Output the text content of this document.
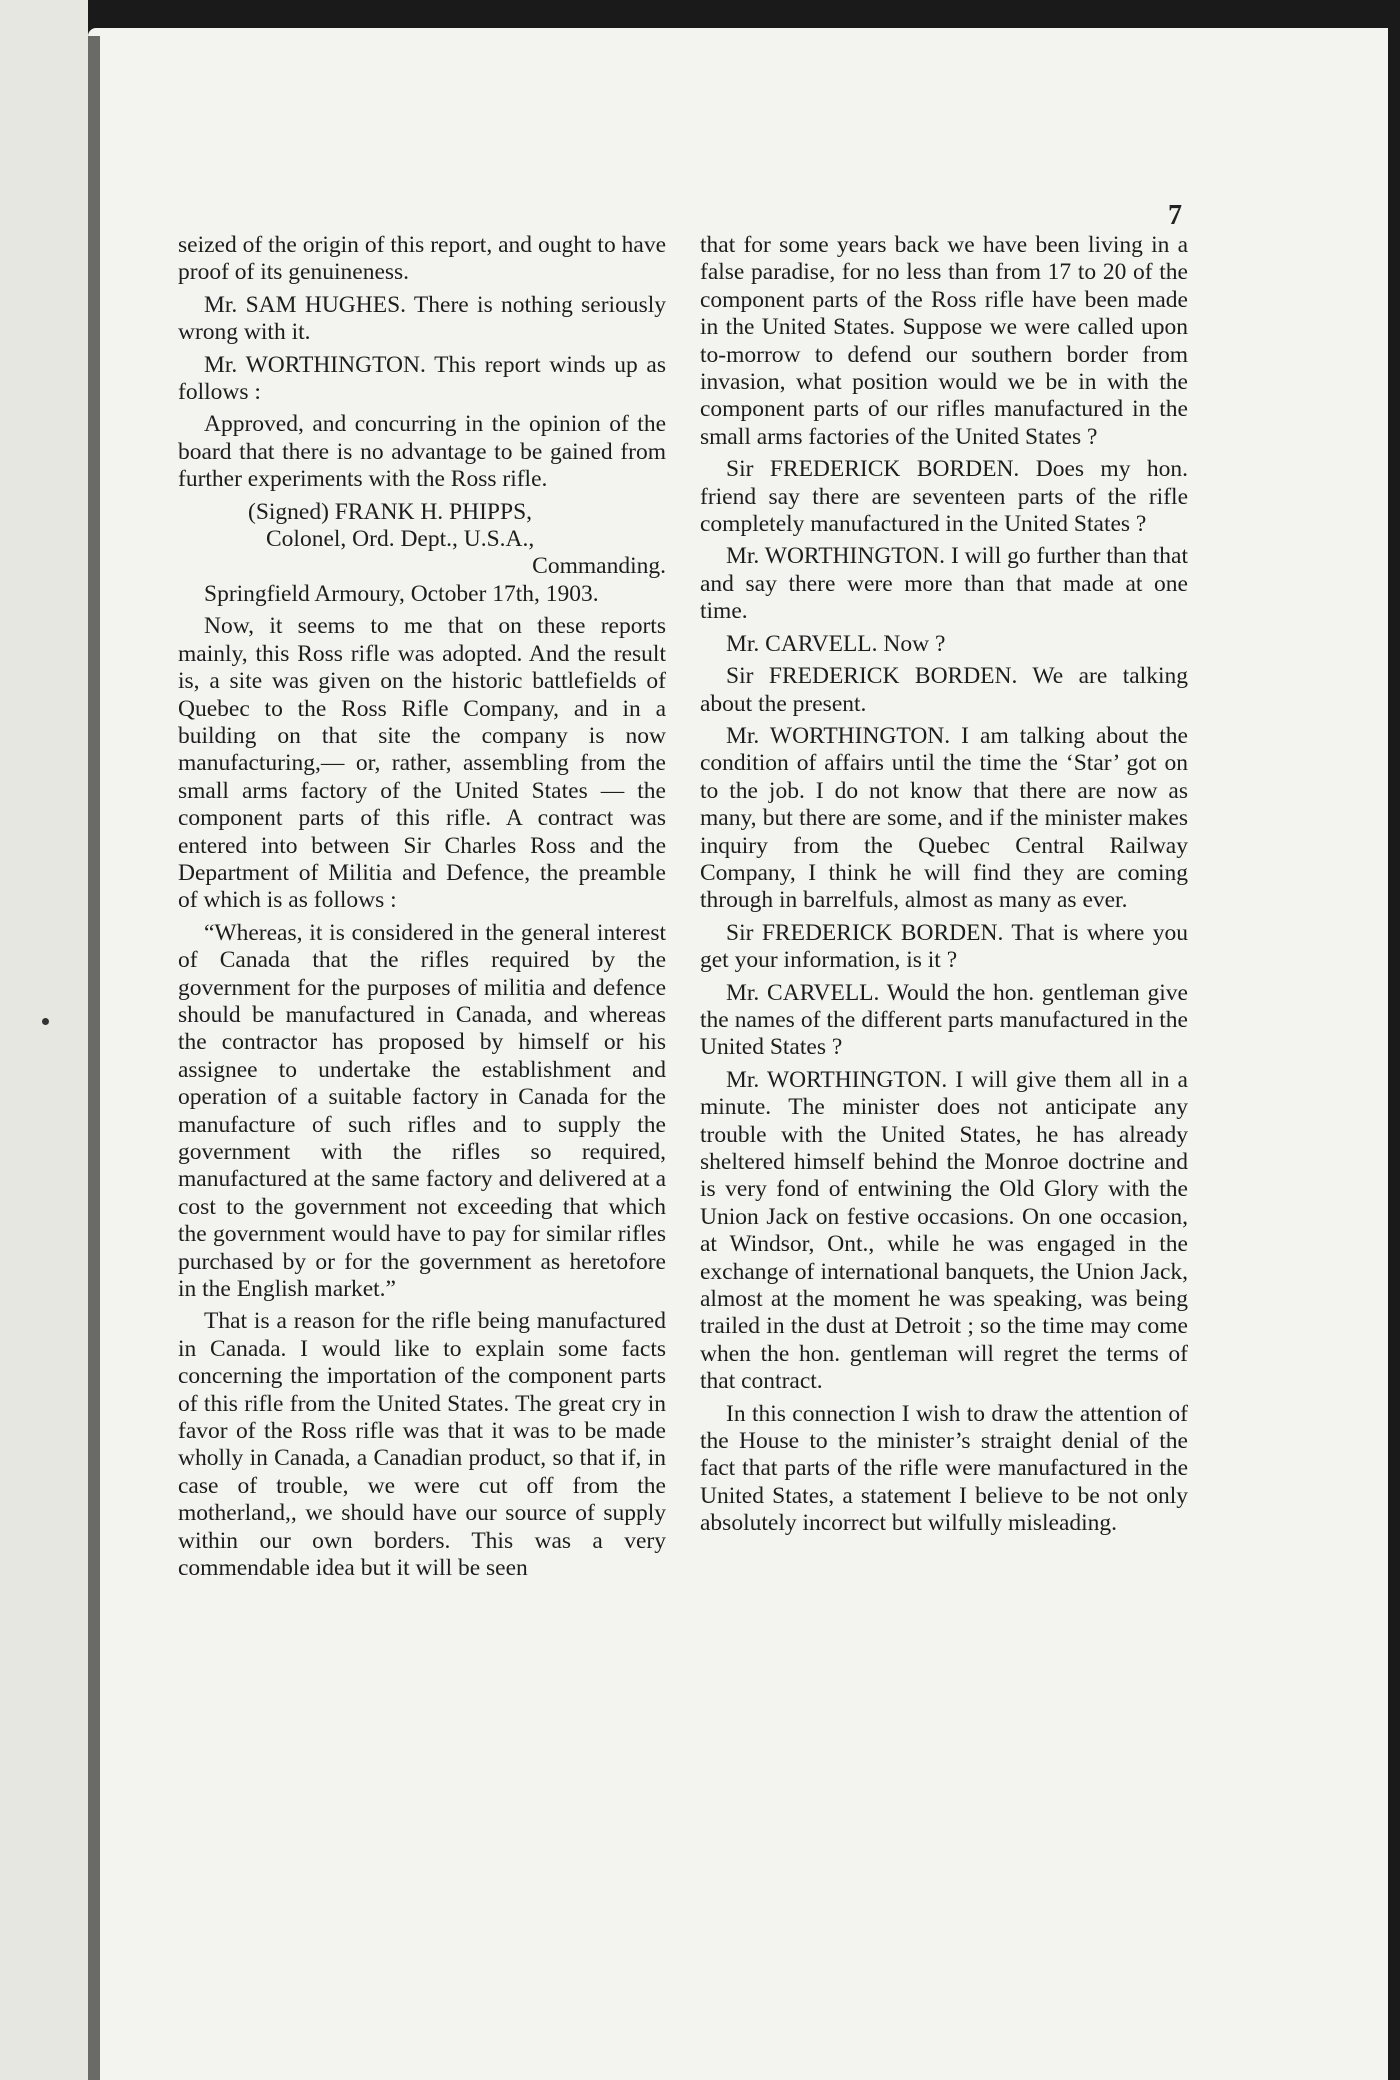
7

seized of the origin of this report, and ought to have proof of its genuineness.

Mr. SAM HUGHES. There is nothing seriously wrong with it.

Mr. WORTHINGTON. This report winds up as follows :

Approved, and concurring in the opinion of the board that there is no advantage to be gained from further experiments with the Ross rifle.

(Signed) FRANK H. PHIPPS,
Colonel, Ord. Dept., U.S.A.,
Commanding.

Springfield Armoury, October 17th, 1903.

Now, it seems to me that on these reports mainly, this Ross rifle was adopted. And the result is, a site was given on the historic battlefields of Quebec to the Ross Rifle Company, and in a building on that site the company is now manufacturing,— or, rather, assembling from the small arms factory of the United States — the component parts of this rifle. A contract was entered into between Sir Charles Ross and the Department of Militia and Defence, the preamble of which is as follows :

“Whereas, it is considered in the general interest of Canada that the rifles required by the government for the purposes of militia and defence should be manufactured in Canada, and whereas the contractor has proposed by himself or his assignee to undertake the establishment and operation of a suitable factory in Canada for the manufacture of such rifles and to supply the government with the rifles so required, manufactured at the same factory and delivered at a cost to the government not exceeding that which the government would have to pay for similar rifles purchased by or for the government as heretofore in the English market.”

That is a reason for the rifle being manufactured in Canada. I would like to explain some facts concerning the importation of the component parts of this rifle from the United States. The great cry in favor of the Ross rifle was that it was to be made wholly in Canada, a Canadian product, so that if, in case of trouble, we were cut off from the motherland,, we should have our source of supply within our own borders. This was a very commendable idea but it will be seen

that for some years back we have been living in a false paradise, for no less than from 17 to 20 of the component parts of the Ross rifle have been made in the United States. Suppose we were called upon to-morrow to defend our southern border from invasion, what position would we be in with the component parts of our rifles manufactured in the small arms factories of the United States ?

Sir FREDERICK BORDEN. Does my hon. friend say there are seventeen parts of the rifle completely manufactured in the United States ?

Mr. WORTHINGTON. I will go further than that and say there were more than that made at one time.

Mr. CARVELL. Now ?

Sir FREDERICK BORDEN. We are talking about the present.

Mr. WORTHINGTON. I am talking about the condition of affairs until the time the ‘Star’ got on to the job. I do not know that there are now as many, but there are some, and if the minister makes inquiry from the Quebec Central Railway Company, I think he will find they are coming through in barrelfuls, almost as many as ever.

Sir FREDERICK BORDEN. That is where you get your information, is it ?

Mr. CARVELL. Would the hon. gentleman give the names of the different parts manufactured in the United States ?

Mr. WORTHINGTON. I will give them all in a minute. The minister does not anticipate any trouble with the United States, he has already sheltered himself behind the Monroe doctrine and is very fond of entwining the Old Glory with the Union Jack on festive occasions. On one occasion, at Windsor, Ont., while he was engaged in the exchange of international banquets, the Union Jack, almost at the moment he was speaking, was being trailed in the dust at Detroit ; so the time may come when the hon. gentleman will regret the terms of that contract.

In this connection I wish to draw the attention of the House to the minister’s straight denial of the fact that parts of the rifle were manufactured in the United States, a statement I believe to be not only absolutely incorrect but wilfully misleading.
